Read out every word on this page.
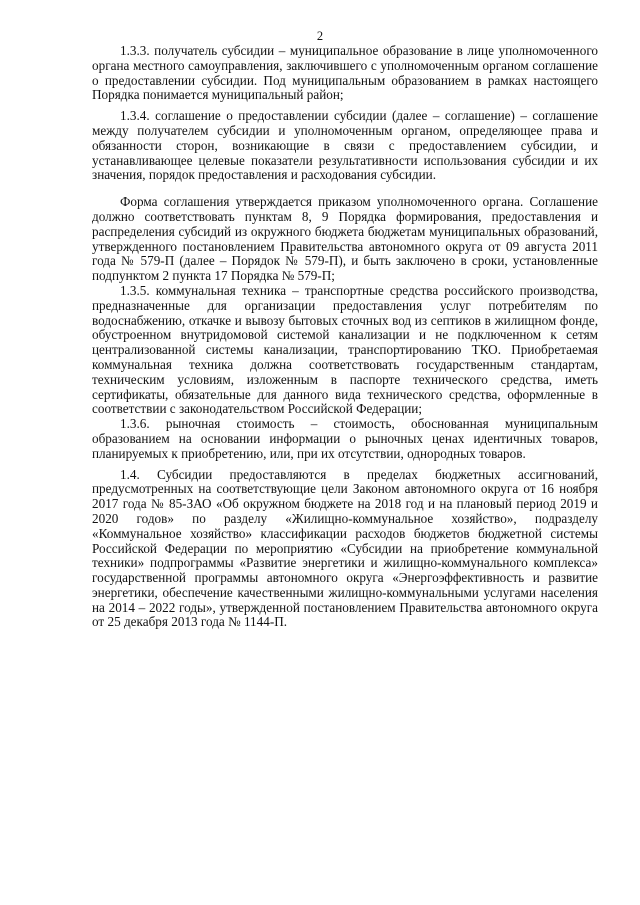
2

1.3.3. получатель субсидии – муниципальное образование в лице уполномоченного органа местного самоуправления, заключившего с уполномоченным органом соглашение о предоставлении субсидии. Под муниципальным образованием в рамках настоящего Порядка понимается муниципальный район;

1.3.4. соглашение о предоставлении субсидии (далее – соглашение) – соглашение между получателем субсидии и уполномоченным органом, определяющее права и обязанности сторон, возникающие в связи с предоставлением субсидии, и устанавливающее целевые показатели результативности использования субсидии и их значения, порядок предоставления и расходования субсидии.

Форма соглашения утверждается приказом уполномоченного органа. Соглашение должно соответствовать пунктам 8, 9 Порядка формирования, предоставления и распределения субсидий из окружного бюджета бюджетам муниципальных образований, утвержденного постановлением Правительства автономного округа от 09 августа 2011 года № 579-П (далее – Порядок № 579-П), и быть заключено в сроки, установленные подпунктом 2 пункта 17 Порядка № 579-П;

1.3.5. коммунальная техника – транспортные средства российского производства, предназначенные для организации предоставления услуг потребителям по водоснабжению, откачке и вывозу бытовых сточных вод из септиков в жилищном фонде, обустроенном внутридомовой системой канализации и не подключенном к сетям централизованной системы канализации, транспортированию ТКО. Приобретаемая коммунальная техника должна соответствовать государственным стандартам, техническим условиям, изложенным в паспорте технического средства, иметь сертификаты, обязательные для данного вида технического средства, оформленные в соответствии с законодательством Российской Федерации;

1.3.6. рыночная стоимость – стоимость, обоснованная муниципальным образованием на основании информации о рыночных ценах идентичных товаров, планируемых к приобретению, или, при их отсутствии, однородных товаров.

1.4. Субсидии предоставляются в пределах бюджетных ассигнований, предусмотренных на соответствующие цели Законом автономного округа от 16 ноября 2017 года № 85-ЗАО «Об окружном бюджете на 2018 год и на плановый период 2019 и 2020 годов» по разделу «Жилищно-коммунальное хозяйство», подразделу «Коммунальное хозяйство» классификации расходов бюджетов бюджетной системы Российской Федерации по мероприятию «Субсидии на приобретение коммунальной техники» подпрограммы «Развитие энергетики и жилищно-коммунального комплекса» государственной программы автономного округа «Энергоэффективность и развитие энергетики, обеспечение качественными жилищно-коммунальными услугами населения на 2014 – 2022 годы», утвержденной постановлением Правительства автономного округа от 25 декабря 2013 года № 1144-П.
